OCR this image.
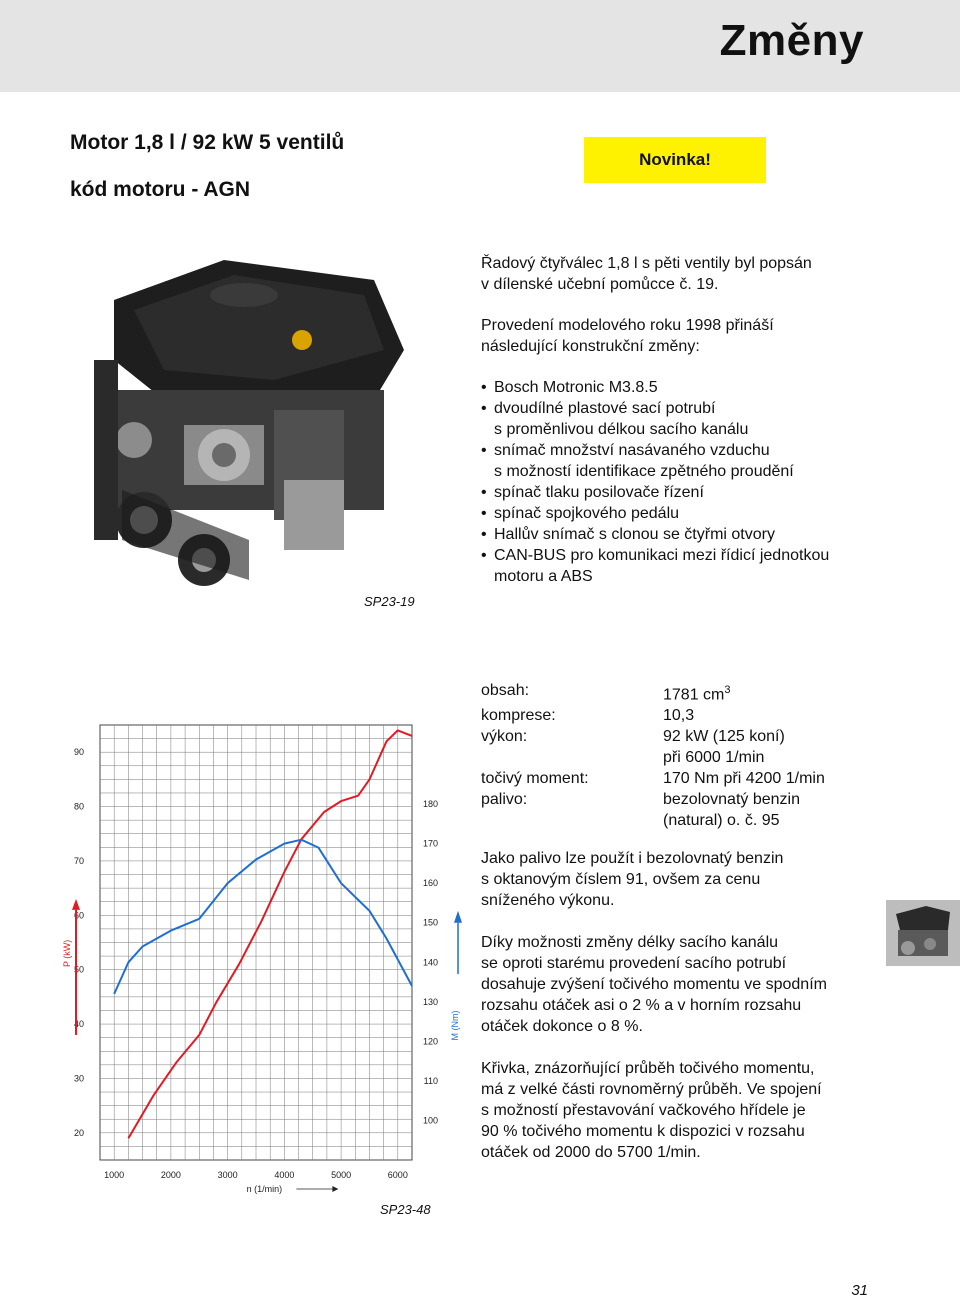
Změny
Motor 1,8 l / 92 kW 5 ventilů
kód motoru - AGN
Novinka!
SP23-19
Řadový čtyřválec 1,8 l s pěti ventily byl popsán
v dílenské učební pomůcce č. 19.
Provedení modelového roku 1998 přináší
následující konstrukční změny:
• Bosch Motronic M3.8.5
• dvoudílné plastové sací potrubí
s proměnlivou délkou sacího kanálu
• snímač množství nasávaného vzduchu
s možností identifikace zpětného proudění
• spínač tlaku posilovače řízení
• spínač spojkového pedálu
• Hallův snímač s clonou se čtyřmi otvory
• CAN-BUS pro komunikaci mezi řídicí jednotkou
motoru a ABS
obsah:	1781 $cm^3$
komprese:	10,3
výkon:	92 kW (125 koní)
při 6000 1/min
točivý moment:	170 Nm při 4200 1/min
palivo:	bezolovnatý benzin
(natural) o. č. 95
Jako palivo lze použít i bezolovnatý benzin
s oktanovým číslem 91, ovšem za cenu
sníženého výkonu.
Díky možnosti změny délky sacího kanálu
se oproti starému provedení sacího potrubí
dosahuje zvýšení točivého momentu ve spodním
rozsahu otáček asi o 2 % a v horním rozsahu
otáček dokonce o 8 %.
Křivka, znázorňující průběh točivého momentu,
má z velké části rovnoměrný průběh. Ve spojení
s možností přestavování vačkového hřídele je
90 % točivého momentu k dispozici v rozsahu
otáček od 2000 do 5700 1/min.
1000	2000	3000	4000	5000	6000
20
30
40
50
60
70
80
90
100
110
120
130
140
150
160
170
180
n (1/min)
P (kW)
M (Nm)
SP23-48
31
